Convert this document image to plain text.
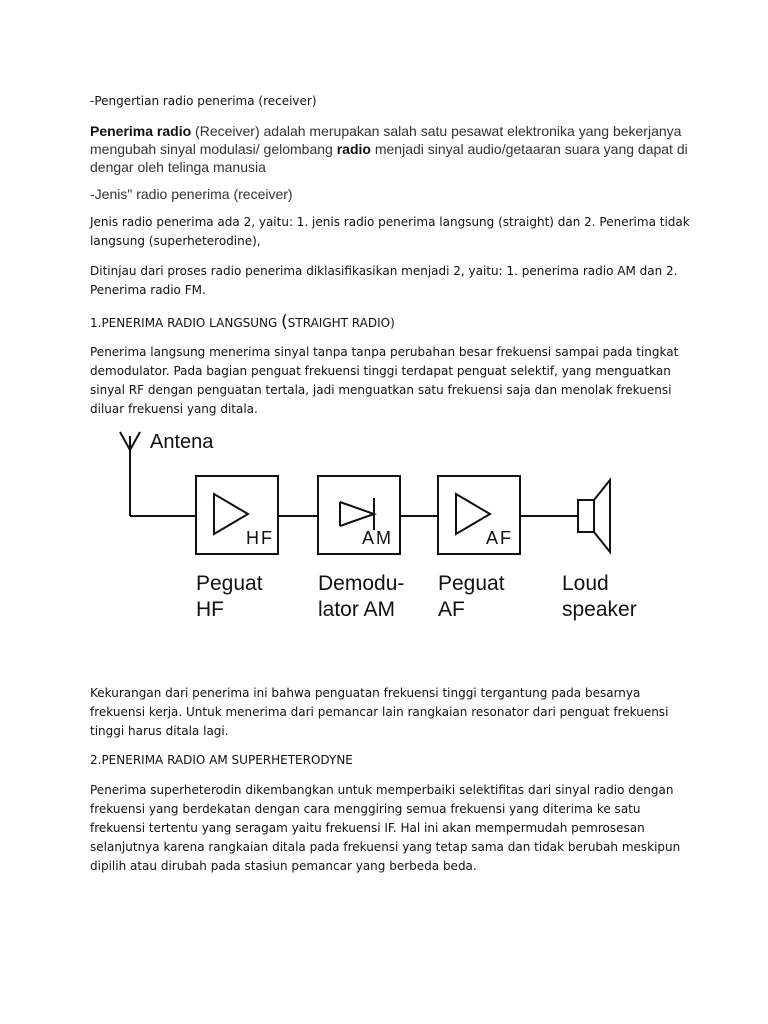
-Pengertian radio penerima (receiver)

Penerima radio (Receiver) adalah merupakan salah satu pesawat elektronika yang bekerjanya mengubah sinyal modulasi/ gelombang radio menjadi sinyal audio/getaaran suara yang dapat di dengar oleh telinga manusia

-Jenis" radio penerima (receiver)

Jenis radio penerima ada 2, yaitu: 1. jenis radio penerima langsung (straight) dan 2. Penerima tidak langsung (superheterodine),

Ditinjau dari proses radio penerima diklasifikasikan menjadi 2, yaitu: 1. penerima radio AM dan 2. Penerima radio FM.

1.PENERIMA RADIO LANGSUNG (STRAIGHT RADIO)

Penerima langsung menerima sinyal tanpa tanpa perubahan besar frekuensi sampai pada tingkat demodulator. Pada bagian penguat frekuensi tinggi terdapat penguat selektif, yang menguatkan sinyal RF dengan penguatan tertala, jadi menguatkan satu frekuensi saja dan menolak frekuensi diluar frekuensi yang ditala.

Antena
HF	AM	AF
Peguat
HF
Demodu-
lator AM
Peguat
AF
Loud
speaker

Kekurangan dari penerima ini bahwa penguatan frekuensi tinggi tergantung pada besarnya frekuensi kerja. Untuk menerima dari pemancar lain rangkaian resonator dari penguat frekuensi tinggi harus ditala lagi.

2.PENERIMA RADIO AM SUPERHETERODYNE

Penerima superheterodin dikembangkan untuk memperbaiki selektifitas dari sinyal radio dengan frekuensi yang berdekatan dengan cara menggiring semua frekuensi yang diterima ke satu frekuensi tertentu yang seragam yaitu frekuensi IF. Hal ini akan mempermudah pemrosesan selanjutnya karena rangkaian ditala pada frekuensi yang tetap sama dan tidak berubah meskipun dipilih atau dirubah pada stasiun pemancar yang berbeda beda.
